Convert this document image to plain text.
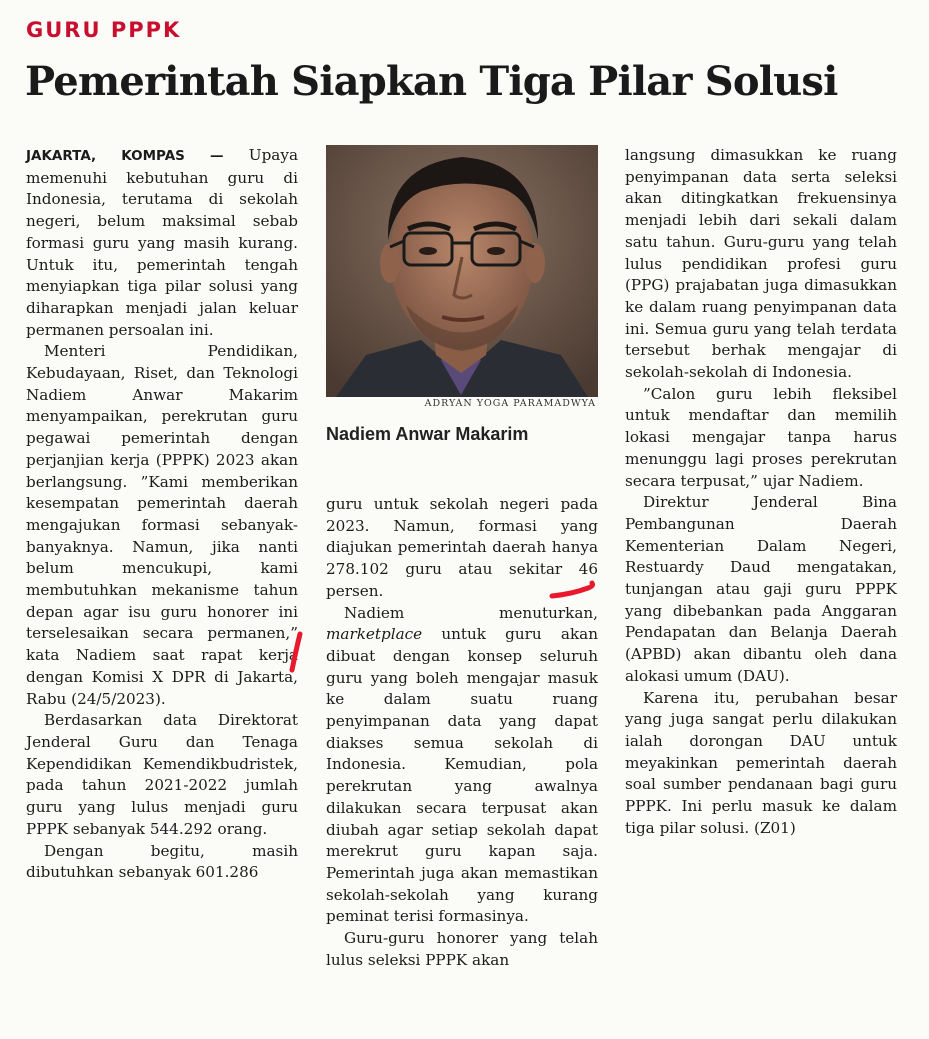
GURU PPPK
Pemerintah Siapkan Tiga Pilar Solusi

JAKARTA, KOMPAS — Upaya memenuhi kebutuhan guru di Indonesia, terutama di sekolah negeri, belum maksimal sebab formasi guru yang masih kurang. Untuk itu, pemerintah tengah menyiapkan tiga pilar solusi yang diharapkan menjadi jalan keluar permanen persoalan ini.

Menteri Pendidikan, Kebudayaan, Riset, dan Teknologi Nadiem Anwar Makarim menyampaikan, perekrutan guru pegawai pemerintah dengan perjanjian kerja (PPPK) 2023 akan berlangsung. ”Kami memberikan kesempatan pemerintah daerah mengajukan formasi sebanyak-banyaknya. Namun, jika nanti belum mencukupi, kami membutuhkan mekanisme tahun depan agar isu guru honorer ini terselesaikan secara permanen,” kata Nadiem saat rapat kerja dengan Komisi X DPR di Jakarta, Rabu (24/5/2023).

Berdasarkan data Direktorat Jenderal Guru dan Tenaga Kependidikan Kemendikbudristek, pada tahun 2021-2022 jumlah guru yang lulus menjadi guru PPPK sebanyak 544.292 orang.

Dengan begitu, masih dibutuhkan sebanyak 601.286

ADRYAN YOGA PARAMADWYA
Nadiem Anwar Makarim

guru untuk sekolah negeri pada 2023. Namun, formasi yang diajukan pemerintah daerah hanya 278.102 guru atau sekitar 46 persen.

Nadiem menuturkan, marketplace untuk guru akan dibuat dengan konsep seluruh guru yang boleh mengajar masuk ke dalam suatu ruang penyimpanan data yang dapat diakses semua sekolah di Indonesia. Kemudian, pola perekrutan yang awalnya dilakukan secara terpusat akan diubah agar setiap sekolah dapat merekrut guru kapan saja. Pemerintah juga akan memastikan sekolah-sekolah yang kurang peminat terisi formasinya.

Guru-guru honorer yang telah lulus seleksi PPPK akan

langsung dimasukkan ke ruang penyimpanan data serta seleksi akan ditingkatkan frekuensinya menjadi lebih dari sekali dalam satu tahun. Guru-guru yang telah lulus pendidikan profesi guru (PPG) prajabatan juga dimasukkan ke dalam ruang penyimpanan data ini. Semua guru yang telah terdata tersebut berhak mengajar di sekolah-sekolah di Indonesia.

”Calon guru lebih fleksibel untuk mendaftar dan memilih lokasi mengajar tanpa harus menunggu lagi proses perekrutan secara terpusat,” ujar Nadiem.

Direktur Jenderal Bina Pembangunan Daerah Kementerian Dalam Negeri, Restuardy Daud mengatakan, tunjangan atau gaji guru PPPK yang dibebankan pada Anggaran Pendapatan dan Belanja Daerah (APBD) akan dibantu oleh dana alokasi umum (DAU).

Karena itu, perubahan besar yang juga sangat perlu dilakukan ialah dorongan DAU untuk meyakinkan pemerintah daerah soal sumber pendanaan bagi guru PPPK. Ini perlu masuk ke dalam tiga pilar solusi. (Z01)
